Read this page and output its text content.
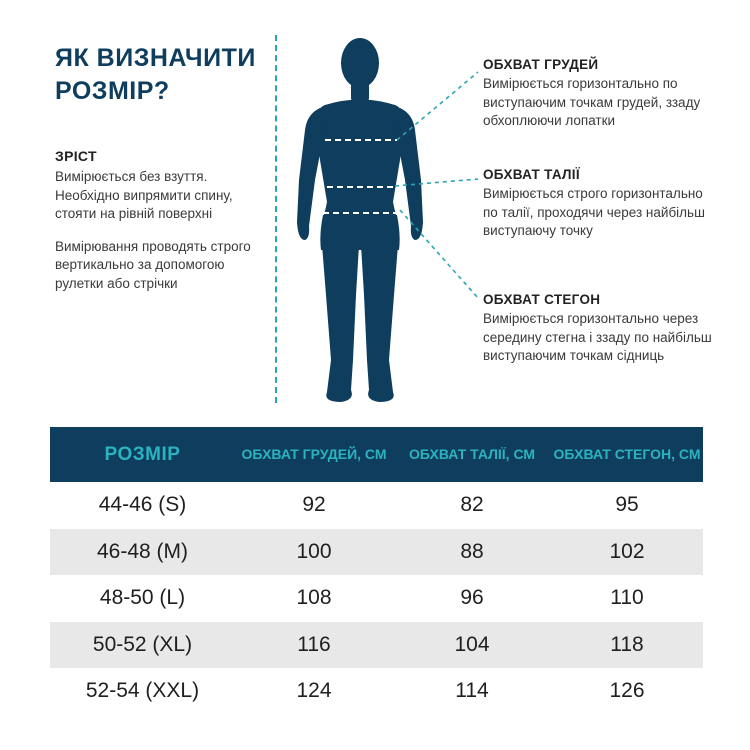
ЯК ВИЗНАЧИТИ РОЗМІР?
ЗРІСТ

Вимірюється без взуття. Необхідно випрямити спину, стояти на рівній поверхні

Вимірювання проводять строго вертикально за допомогою рулетки або стрічки

ОБХВАТ ГРУДЕЙ

Вимірюється горизонтально по виступаючим точкам грудей, ззаду обхоплюючи лопатки

ОБХВАТ ТАЛІЇ

Вимірюється строго горизонтально по талії, проходячи через найбільш виступаючу точку

ОБХВАТ СТЕГОН

Вимірюється горизонтально через середину стегна і ззаду по найбільш виступаючим точкам сідниць

РОЗМІР	ОБХВАТ ГРУДЕЙ, СМ	ОБХВАТ ТАЛІЇ, СМ	ОБХВАТ СТЕГОН, СМ
44-46 (S)	92	82	95
46-48 (M)	100	88	102
48-50 (L)	108	96	110
50-52 (XL)	116	104	118
52-54 (XXL)	124	114	126
